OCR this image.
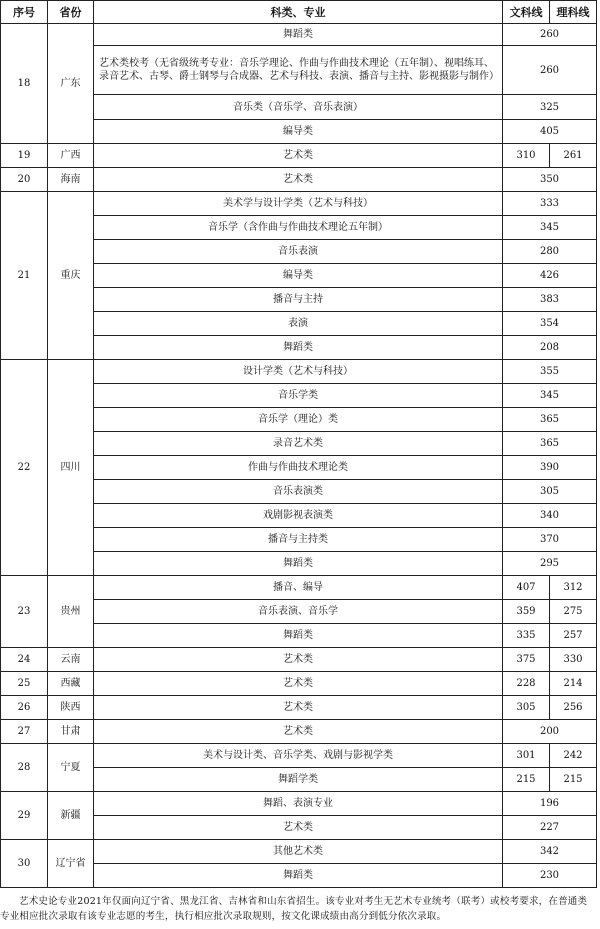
序号	省份	科类、专业	文科线	理科线
18	广东	舞蹈类	260	
		艺术类校考（无省级统考专业：音乐学理论、作曲与作曲技术理论（五年制）、视唱练耳、录音艺术、古琴、爵士钢琴与合成器、艺术与科技、表演、播音与主持、影视摄影与制作）	260	
		音乐类（音乐学、音乐表演）	325	
		编导类	405	
19	广西	艺术类	310	261
20	海南	艺术类	350	
21	重庆	美术学与设计学类（艺术与科技）	333	
		音乐学（含作曲与作曲技术理论五年制）	345	
		音乐表演	280	
		编导类	426	
		播音与主持	383	
		表演	354	
		舞蹈类	208	
22	四川	设计学类（艺术与科技）	355	
		音乐学类	345	
		音乐学（理论）类	365	
		录音艺术类	365	
		作曲与作曲技术理论类	390	
		音乐表演类	305	
		戏剧影视表演类	340	
		播音与主持类	370	
		舞蹈类	295	
23	贵州	播音、编导	407	312
		音乐表演、音乐学	359	275
		舞蹈类	335	257
24	云南	艺术类	375	330
25	西藏	艺术类	228	214
26	陕西	艺术类	305	256
27	甘肃	艺术类	200	
28	宁夏	美术与设计类、音乐学类、戏剧与影视学类	301	242
		舞蹈学类	215	215
29	新疆	舞蹈、表演专业	196	
		艺术类	227	
30	辽宁省	其他艺术类	342	
		舞蹈类	230	
艺术史论专业2021年仅面向辽宁省、黑龙江省、吉林省和山东省招生。该专业对考生无艺术专业统考（联考）或校考要求，在普通类专业相应批次录取有该专业志愿的考生，执行相应批次录取规则，按文化课成绩由高分到低分依次录取。
